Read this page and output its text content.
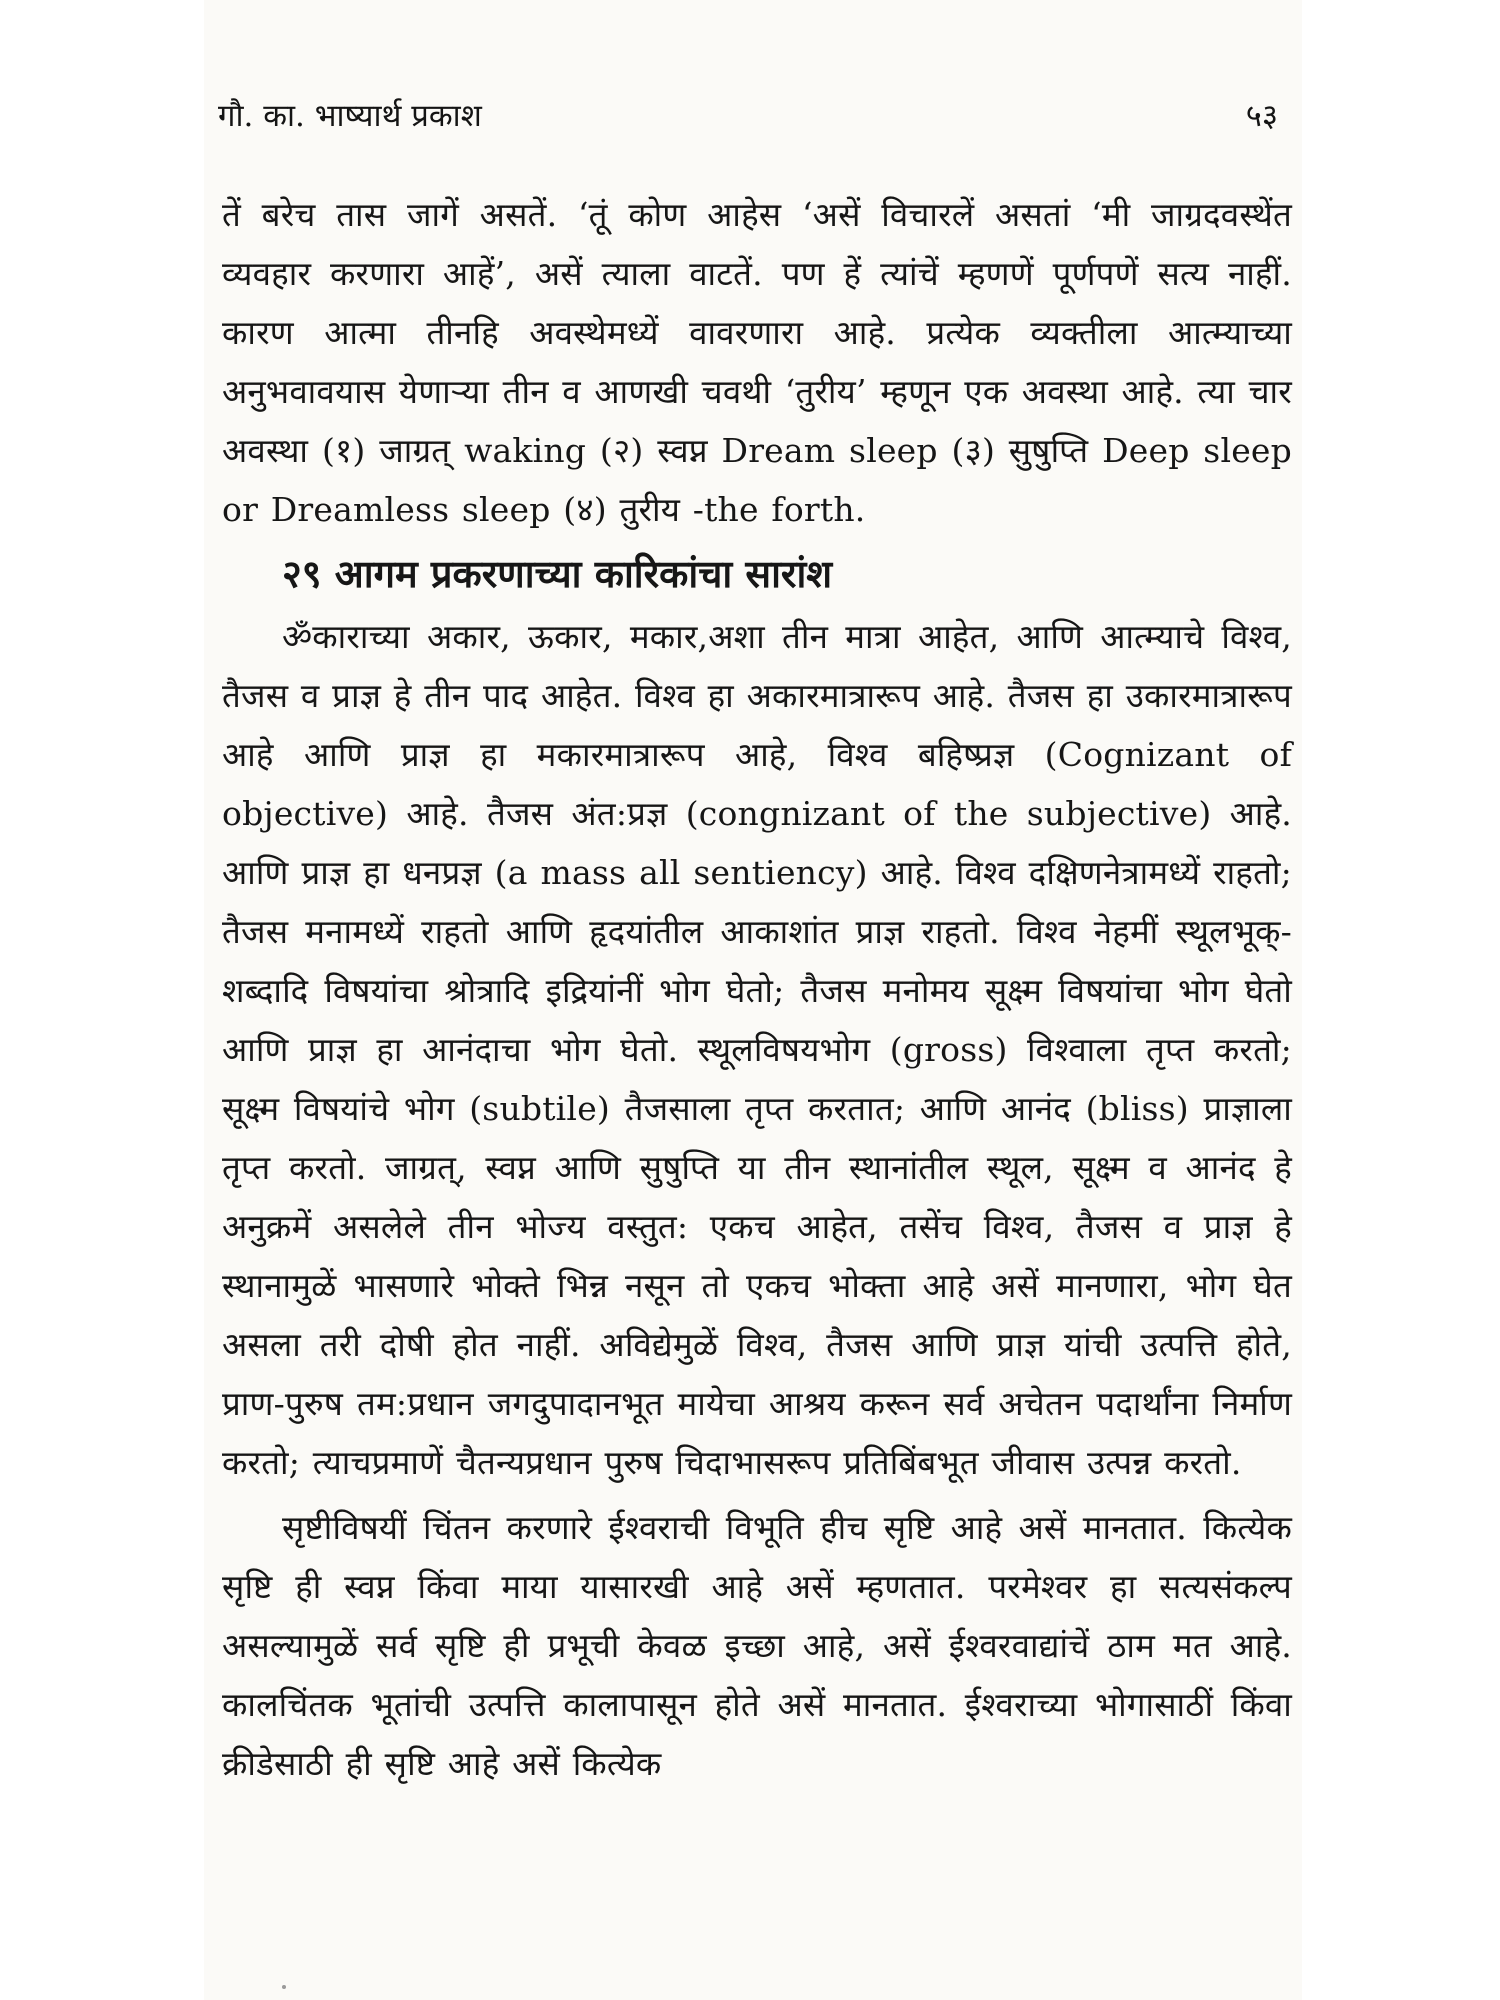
गौ. का. भाष्यार्थ प्रकाश	५३

तें बरेच तास जागें असतें. ‘तूं कोण आहेस ‘असें विचारलें असतां ‘मी जाग्रदवस्थेंत व्यवहार करणारा आहें’, असें त्याला वाटतें. पण हें त्यांचें म्हणणें पूर्णपणें सत्य नाहीं. कारण आत्मा तीनहि अवस्थेमध्यें वावरणारा आहे. प्रत्येक व्यक्तीला आत्म्याच्या अनुभवावयास येणाऱ्या तीन व आणखी चवथी ‘तुरीय’ म्हणून एक अवस्था आहे. त्या चार अवस्था (१) जाग्रत् waking (२) स्वप्न Dream sleep (३) सुषुप्ति Deep sleep or Dreamless sleep (४) तुरीय -the forth.

२९ आगम प्रकरणाच्या कारिकांचा सारांश

ॐकाराच्या अकार, ऊकार, मकार,अशा तीन मात्रा आहेत, आणि आत्म्याचे विश्व, तैजस व प्राज्ञ हे तीन पाद आहेत. विश्व हा अकारमात्रारूप आहे. तैजस हा उकारमात्रारूप आहे आणि प्राज्ञ हा मकारमात्रारूप आहे, विश्व बहिष्प्रज्ञ (Cognizant of objective) आहे. तैजस अंत:प्रज्ञ (congnizant of the subjective) आहे. आणि प्राज्ञ हा धनप्रज्ञ (a mass all sentiency) आहे. विश्व दक्षिणनेत्रामध्यें राहतो; तैजस मनामध्यें राहतो आणि हृदयांतील आकाशांत प्राज्ञ राहतो. विश्व नेहमीं स्थूलभूक्-शब्दादि विषयांचा श्रोत्रादि इद्रियांनीं भोग घेतो; तैजस मनोमय सूक्ष्म विषयांचा भोग घेतो आणि प्राज्ञ हा आनंदाचा भोग घेतो. स्थूलविषयभोग (gross) विश्वाला तृप्त करतो; सूक्ष्म विषयांचे भोग (subtile) तैजसाला तृप्त करतात; आणि आनंद (bliss) प्राज्ञाला तृप्त करतो. जाग्रत्, स्वप्न आणि सुषुप्ति या तीन स्थानांतील स्थूल, सूक्ष्म व आनंद हे अनुक्रमें असलेले तीन भोज्य वस्तुत: एकच आहेत, तसेंच विश्व, तैजस व प्राज्ञ हे स्थानामुळें भासणारे भोक्ते भिन्न नसून तो एकच भोक्ता आहे असें मानणारा, भोग घेत असला तरी दोषी होत नाहीं. अविद्येमुळें विश्व, तैजस आणि प्राज्ञ यांची उत्पत्ति होते, प्राण-पुरुष तम:प्रधान जगदुपादानभूत मायेचा आश्रय करून सर्व अचेतन पदार्थांना निर्माण करतो; त्याचप्रमाणें चैतन्यप्रधान पुरुष चिदाभासरूप प्रतिबिंबभूत जीवास उत्पन्न करतो.

सृष्टीविषयीं चिंतन करणारे ईश्वराची विभूति हीच सृष्टि आहे असें मानतात. कित्येक सृष्टि ही स्वप्न किंवा माया यासारखी आहे असें म्हणतात. परमेश्वर हा सत्यसंकल्प असल्यामुळें सर्व सृष्टि ही प्रभूची केवळ इच्छा आहे, असें ईश्वरवाद्यांचें ठाम मत आहे. कालचिंतक भूतांची उत्पत्ति कालापासून होते असें मानतात. ईश्वराच्या भोगासाठीं किंवा क्रीडेसाठी ही सृष्टि आहे असें कित्येक
